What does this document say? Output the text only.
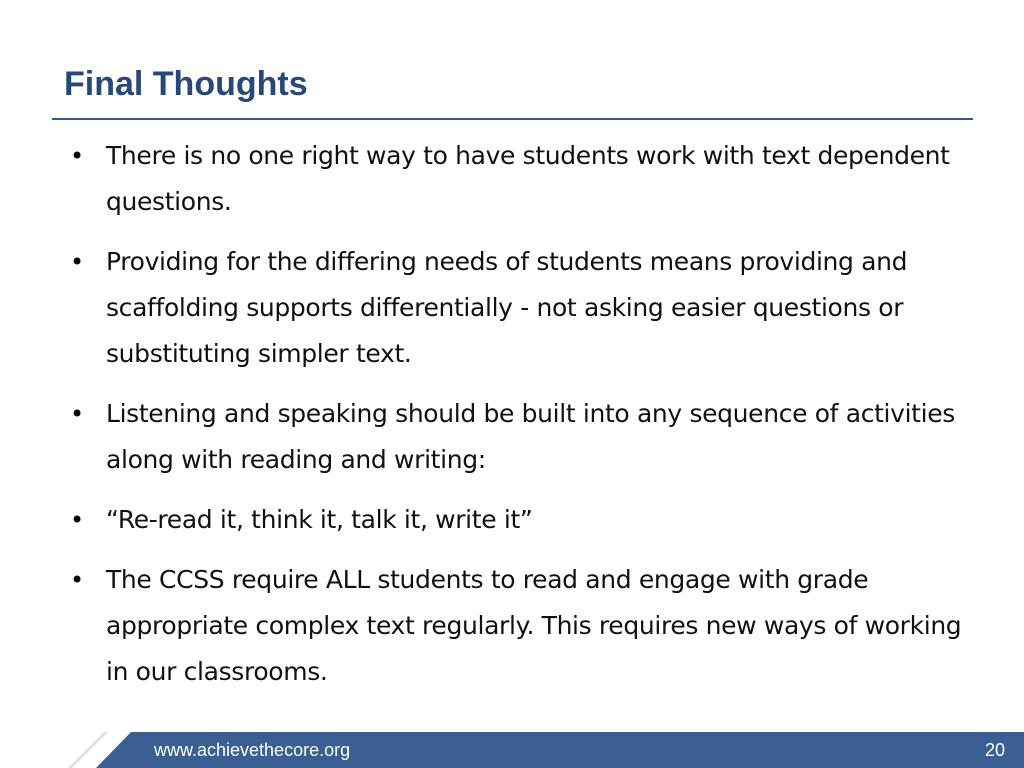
Final Thoughts
• There is no one right way to have students work with text dependent questions.
• Providing for the differing needs of students means providing and scaffolding supports differentially - not asking easier questions or substituting simpler text.
• Listening and speaking should be built into any sequence of activities along with reading and writing:
• “Re-read it, think it, talk it, write it”
• The CCSS require ALL students to read and engage with grade appropriate complex text regularly. This requires new ways of working in our classrooms.
www.achievethecore.org	20
